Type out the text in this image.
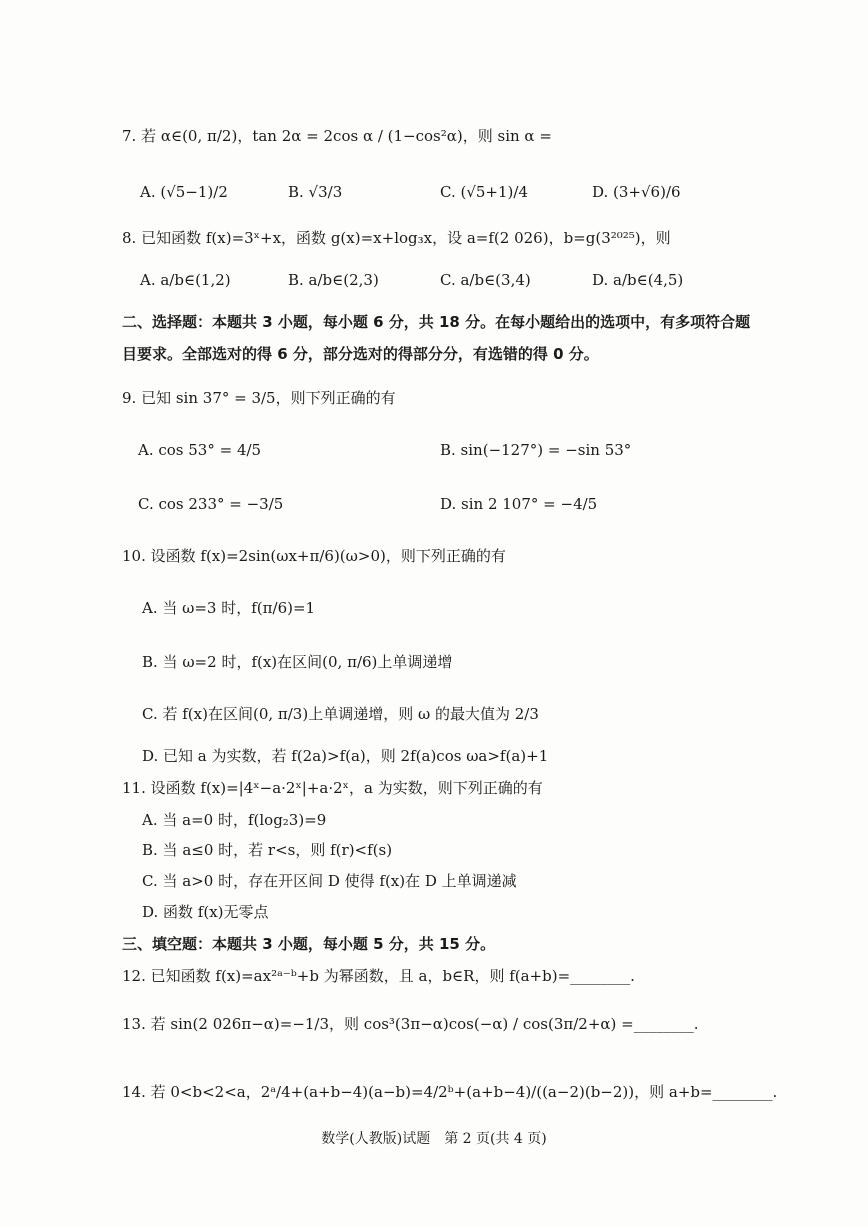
7. 若 α∈(0, π/2)，tan 2α = 2cos α / (1−cos²α)，则 sin α =
A. (√5−1)/2	B. √3/3	C. (√5+1)/4	D. (3+√6)/6
8. 已知函数 f(x)=3ˣ+x，函数 g(x)=x+log₃x，设 a=f(2 026)，b=g(3²⁰²⁵)，则
A. a/b∈(1,2)	B. a/b∈(2,3)	C. a/b∈(3,4)	D. a/b∈(4,5)
二、选择题：本题共 3 小题，每小题 6 分，共 18 分。在每小题给出的选项中，有多项符合题
目要求。全部选对的得 6 分，部分选对的得部分分，有选错的得 0 分。
9. 已知 sin 37° = 3/5，则下列正确的有
A. cos 53° = 4/5	B. sin(−127°) = −sin 53°
C. cos 233° = −3/5	D. sin 2 107° = −4/5
10. 设函数 f(x)=2sin(ωx+π/6)(ω>0)，则下列正确的有
A. 当 ω=3 时，f(π/6)=1
B. 当 ω=2 时，f(x)在区间(0, π/6)上单调递增
C. 若 f(x)在区间(0, π/3)上单调递增，则 ω 的最大值为 2/3
D. 已知 a 为实数，若 f(2a)>f(a)，则 2f(a)cos ωa>f(a)+1
11. 设函数 f(x)=|4ˣ−a·2ˣ|+a·2ˣ，a 为实数，则下列正确的有
A. 当 a=0 时，f(log₂3)=9
B. 当 a≤0 时，若 r<s，则 f(r)<f(s)
C. 当 a>0 时，存在开区间 D 使得 f(x)在 D 上单调递减
D. 函数 f(x)无零点
三、填空题：本题共 3 小题，每小题 5 分，共 15 分。
12. 已知函数 f(x)=ax²ᵃ⁻ᵇ+b 为幂函数，且 a，b∈R，则 f(a+b)=________.
13. 若 sin(2 026π−α)=−1/3，则 cos³(3π−α)cos(−α) / cos(3π/2+α) =________.
14. 若 0<b<2<a，2ᵃ/4+(a+b−4)(a−b)=4/2ᵇ+(a+b−4)/((a−2)(b−2))，则 a+b=________.
数学(人教版)试题　第 2 页(共 4 页)
